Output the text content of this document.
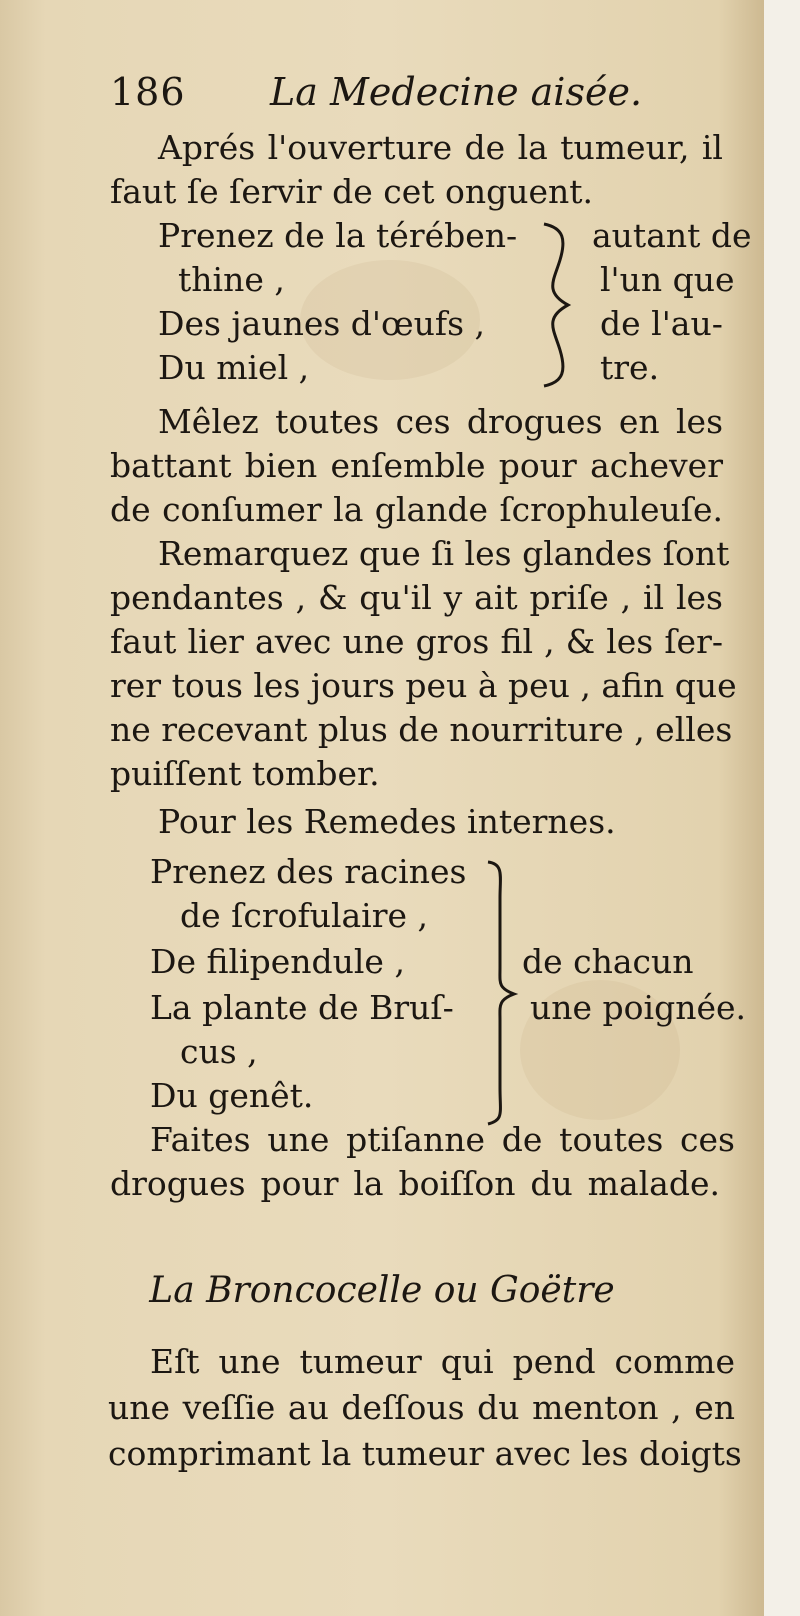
186 La Medecine aisée.
Aprés l'ouverture de la tumeur, il
faut ſe ſervir de cet onguent.
Prenez de la térében-
thine ,
Des jaunes d'œufs ,
Du miel ,
autant de
l'un que
de l'au-
tre.
Mêlez toutes ces drogues en les
battant bien enſemble pour achever
de conſumer la glande ſcrophuleuſe.
Remarquez que ſi les glandes ſont
pendantes , & qu'il y ait priſe , il les
faut lier avec une gros fil , & les ſer-
rer tous les jours peu à peu , afin que
ne recevant plus de nourriture , elles
puiſſent tomber.
Pour les Remedes internes.
Prenez des racines
de ſcrofulaire ,
De filipendule ,
La plante de Bruſ-
cus ,
Du genêt.
de chacun
une poignée.
Faites une ptiſanne de toutes ces
drogues pour la boiſſon du malade.
La Broncocelle ou Goëtre
Eſt une tumeur qui pend comme
une veſſie au deſſous du menton , en
comprimant la tumeur avec les doigts
